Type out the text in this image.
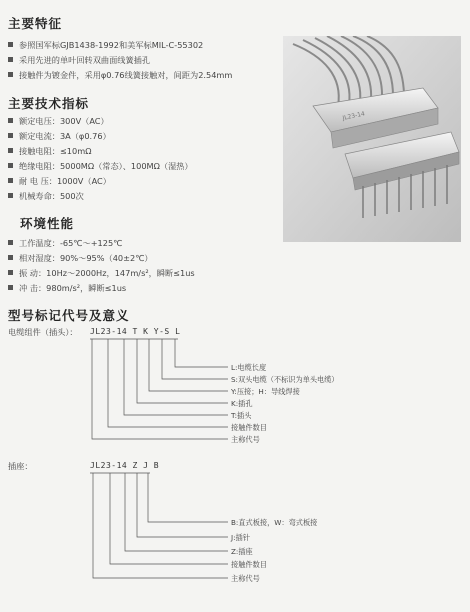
主要特征
参照国军标GJB1438-1992和美军标MIL-C-55302
采用先进的单叶回转双曲面线簧插孔
接触件为镀金件，采用φ0.76线簧接触对，间距为2.54mm
JL23-14
主要技术指标
额定电压：300V（AC）
额定电流：3A（φ0.76）
接触电阻：≤10mΩ
绝缘电阻：5000MΩ（常态）、100MΩ（湿热）
耐 电 压：1000V（AC）
机械寿命：500次
环境性能
工作温度：-65℃～+125℃
相对湿度：90%～95%（40±2℃）
振 动：10Hz～2000Hz，147m/s²，瞬断≤1us
冲 击：980m/s²，瞬断≤1us
型号标记代号及意义
电缆组件（插头）： JL23-14 T K Y-S L
L:电缆长度
S:双头电缆（不标识为单头电缆）
Y:压接；H：导线焊接
K:插孔
T:插头
接触件数目
主称代号
插座：	JL23-14 Z J B
B:直式板接，W：弯式板接
J:插针
Z:插座
接触件数目
主称代号
